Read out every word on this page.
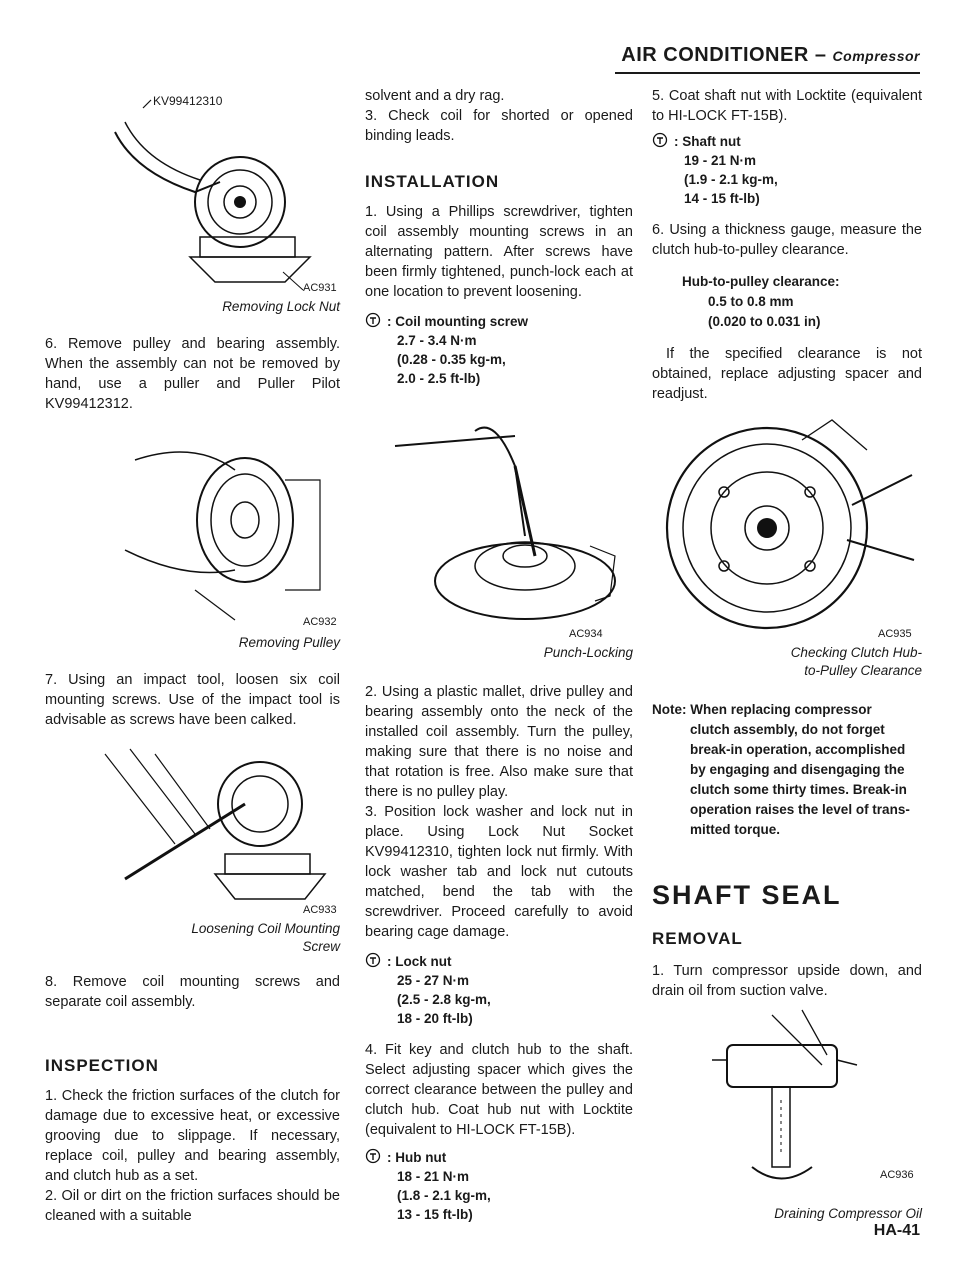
AIR CONDITIONER – Compressor
KV99412310
AC931
Removing Lock Nut

6. Remove pulley and bearing assembly. When the assembly can not be removed by hand, use a puller and Puller Pilot KV99412312.

AC932
Removing Pulley

7. Using an impact tool, loosen six coil mounting screws. Use of the impact tool is advisable as screws have been calked.

AC933
Loosening Coil Mounting
Screw

8. Remove coil mounting screws and separate coil assembly.

INSPECTION

1. Check the friction surfaces of the clutch for damage due to excessive heat, or excessive grooving due to slippage. If necessary, replace coil, pulley and bearing assembly, and clutch hub as a set.

2. Oil or dirt on the friction surfaces should be cleaned with a suitable

solvent and a dry rag.

3. Check coil for shorted or opened binding leads.

INSTALLATION

1. Using a Phillips screwdriver, tighten coil assembly mounting screws in an alternating pattern. After screws have been firmly tightened, punch-lock each at one location to prevent loosening.

: Coil mounting screw
2.7 - 3.4 N·m
(0.28 - 0.35 kg-m,
2.0 - 2.5 ft-lb)
AC934
Punch-Locking

2. Using a plastic mallet, drive pulley and bearing assembly onto the neck of the installed coil assembly. Turn the pulley, making sure that there is no noise and that rotation is free. Also make sure that there is no pulley play.

3. Position lock washer and lock nut in place. Using Lock Nut Socket KV99412310, tighten lock nut firmly. With lock washer tab and lock nut cutouts matched, bend the tab with the screwdriver. Proceed carefully to avoid bearing cage damage.

: Lock nut
25 - 27 N·m
(2.5 - 2.8 kg-m,
18 - 20 ft-lb)

4. Fit key and clutch hub to the shaft. Select adjusting spacer which gives the correct clearance between the pulley and clutch hub. Coat hub nut with Locktite (equivalent to HI-LOCK FT-15B).

: Hub nut
18 - 21 N·m
(1.8 - 2.1 kg-m,
13 - 15 ft-lb)

5. Coat shaft nut with Locktite (equivalent to HI-LOCK FT-15B).

: Shaft nut
19 - 21 N·m
(1.9 - 2.1 kg-m,
14 - 15 ft-lb)

6. Using a thickness gauge, measure the clutch hub-to-pulley clearance.

Hub-to-pulley clearance:
0.5 to 0.8 mm
(0.020 to 0.031 in)

If the specified clearance is not obtained, replace adjusting spacer and readjust.

AC935
Checking Clutch Hub-
to-Pulley Clearance
Note: When replacing compressor
clutch assembly, do not forget
break-in operation, accomplished
by engaging and disengaging the
clutch some thirty times. Break-in
operation raises the level of trans-
mitted torque.
SHAFT SEAL
REMOVAL

1. Turn compressor upside down, and drain oil from suction valve.

AC936
Draining Compressor Oil
HA-41
